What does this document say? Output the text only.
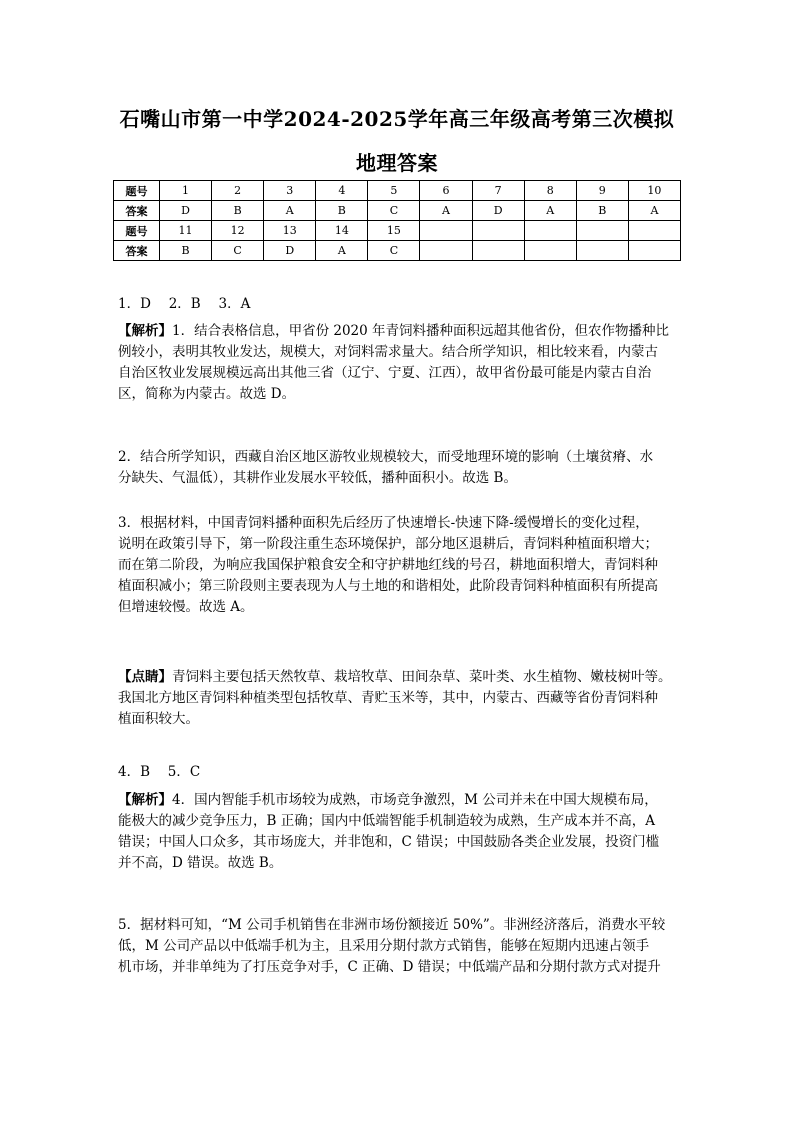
石嘴山市第一中学2024-2025学年高三年级高考第三次模拟
地理答案
题号	1	2	3	4	5	6	7	8	9	10
答案	D	B	A	B	C	A	D	A	B	A
题号	11	12	13	14	15					
答案	B	C	D	A	C					
1．D　 2．B　 3．A
【解析】1．结合表格信息，甲省份 2020 年青饲料播种面积远超其他省份，但农作物播种比
例较小，表明其牧业发达，规模大，对饲料需求量大。结合所学知识，相比较来看，内蒙古
自治区牧业发展规模远高出其他三省（辽宁、宁夏、江西），故甲省份最可能是内蒙古自治
区，简称为内蒙古。故选 D。
2．结合所学知识，西藏自治区地区游牧业规模较大，而受地理环境的影响（土壤贫瘠、水
分缺失、气温低），其耕作业发展水平较低，播种面积小。故选 B。
3．根据材料，中国青饲料播种面积先后经历了快速增长-快速下降-缓慢增长的变化过程，
说明在政策引导下，第一阶段注重生态环境保护，部分地区退耕后，青饲料种植面积增大；
而在第二阶段，为响应我国保护粮食安全和守护耕地红线的号召，耕地面积增大，青饲料种
植面积减小；第三阶段则主要表现为人与土地的和谐相处，此阶段青饲料种植面积有所提高
但增速较慢。故选 A。
【点睛】青饲料主要包括天然牧草、栽培牧草、田间杂草、菜叶类、水生植物、嫩枝树叶等。
我国北方地区青饲料种植类型包括牧草、青贮玉米等，其中，内蒙古、西藏等省份青饲料种
植面积较大。
4．B　 5．C
【解析】4．国内智能手机市场较为成熟，市场竞争激烈，M 公司并未在中国大规模布局，
能极大的减少竞争压力，B 正确；国内中低端智能手机制造较为成熟，生产成本并不高，A
错误；中国人口众多，其市场庞大，并非饱和，C 错误；中国鼓励各类企业发展，投资门槛
并不高，D 错误。故选 B。
5．据材料可知，“M 公司手机销售在非洲市场份额接近 50%”。非洲经济落后，消费水平较
低，M 公司产品以中低端手机为主，且采用分期付款方式销售，能够在短期内迅速占领手
机市场，并非单纯为了打压竞争对手，C 正确、D 错误；中低端产品和分期付款方式对提升
